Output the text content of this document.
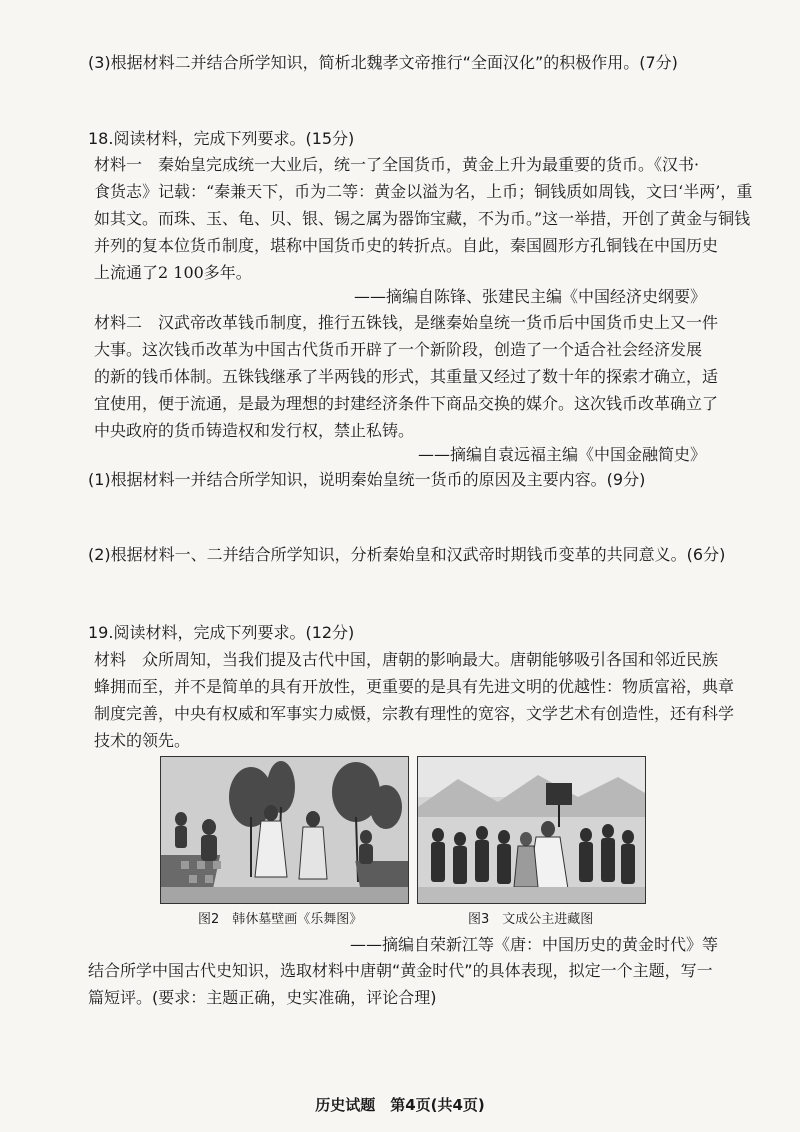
(3)根据材料二并结合所学知识，简析北魏孝文帝推行“全面汉化”的积极作用。(7分)
18.阅读材料，完成下列要求。(15分)
材料一　秦始皇完成统一大业后，统一了全国货币，黄金上升为最重要的货币。《汉书·
食货志》记载：“秦兼天下，币为二等：黄金以溢为名，上币；铜钱质如周钱，文曰‘半两’，重
如其文。而珠、玉、龟、贝、银、锡之属为器饰宝藏，不为币。”这一举措，开创了黄金与铜钱
并列的复本位货币制度，堪称中国货币史的转折点。自此，秦国圆形方孔铜钱在中国历史
上流通了2 100多年。
——摘编自陈锋、张建民主编《中国经济史纲要》
材料二　汉武帝改革钱币制度，推行五铢钱，是继秦始皇统一货币后中国货币史上又一件
大事。这次钱币改革为中国古代货币开辟了一个新阶段，创造了一个适合社会经济发展
的新的钱币体制。五铢钱继承了半两钱的形式，其重量又经过了数十年的探索才确立，适
宜使用，便于流通，是最为理想的封建经济条件下商品交换的媒介。这次钱币改革确立了
中央政府的货币铸造权和发行权，禁止私铸。
——摘编自袁远福主编《中国金融简史》
(1)根据材料一并结合所学知识，说明秦始皇统一货币的原因及主要内容。(9分)
(2)根据材料一、二并结合所学知识，分析秦始皇和汉武帝时期钱币变革的共同意义。(6分)
19.阅读材料，完成下列要求。(12分)
材料　众所周知，当我们提及古代中国，唐朝的影响最大。唐朝能够吸引各国和邻近民族
蜂拥而至，并不是简单的具有开放性，更重要的是具有先进文明的优越性：物质富裕，典章
制度完善，中央有权威和军事实力威慑，宗教有理性的宽容，文学艺术有创造性，还有科学
技术的领先。
图2　韩休墓壁画《乐舞图》	图3　文成公主进藏图
——摘编自荣新江等《唐：中国历史的黄金时代》等
结合所学中国古代史知识，选取材料中唐朝“黄金时代”的具体表现，拟定一个主题，写一
篇短评。(要求：主题正确，史实准确，评论合理)
历史试题　第4页(共4页)
